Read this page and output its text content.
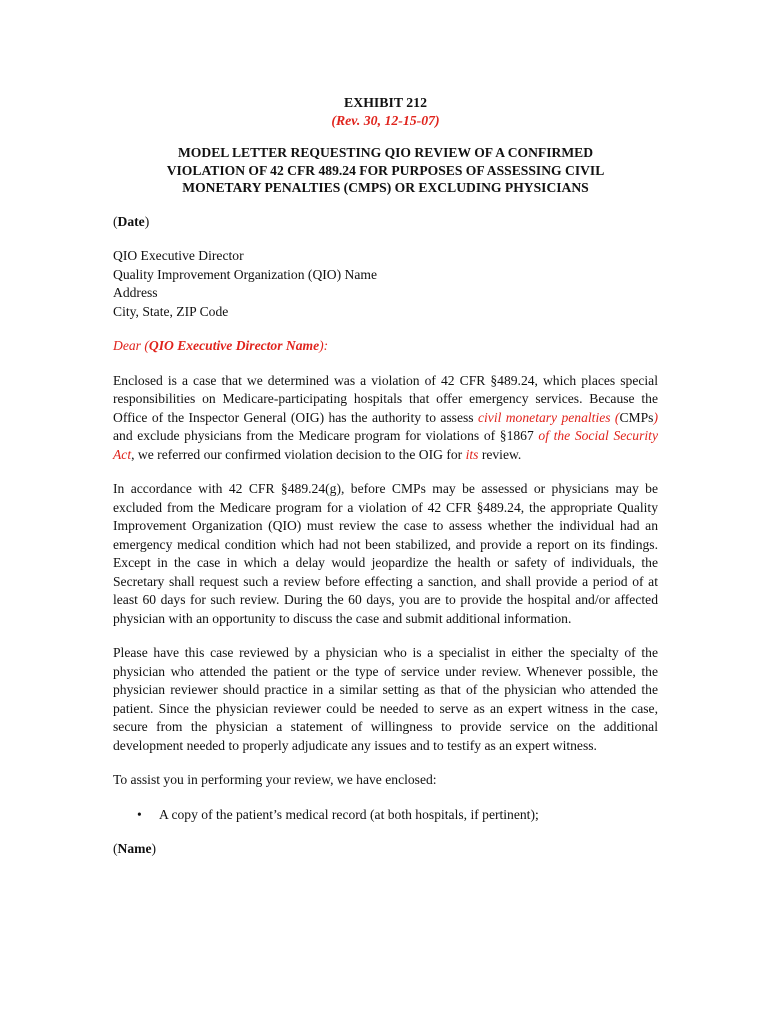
EXHIBIT 212
(Rev. 30, 12-15-07)
MODEL LETTER REQUESTING QIO REVIEW OF A CONFIRMED VIOLATION OF 42 CFR 489.24 FOR PURPOSES OF ASSESSING CIVIL MONETARY PENALTIES (CMPS) OR EXCLUDING PHYSICIANS
(Date)
QIO Executive Director
Quality Improvement Organization (QIO) Name
Address
City, State, ZIP Code
Dear (QIO Executive Director Name):

Enclosed is a case that we determined was a violation of 42 CFR §489.24, which places special responsibilities on Medicare-participating hospitals that offer emergency services. Because the Office of the Inspector General (OIG) has the authority to assess civil monetary penalties (CMPs) and exclude physicians from the Medicare program for violations of §1867 of the Social Security Act, we referred our confirmed violation decision to the OIG for its review.

In accordance with 42 CFR §489.24(g), before CMPs may be assessed or physicians may be excluded from the Medicare program for a violation of 42 CFR §489.24, the appropriate Quality Improvement Organization (QIO) must review the case to assess whether the individual had an emergency medical condition which had not been stabilized, and provide a report on its findings. Except in the case in which a delay would jeopardize the health or safety of individuals, the Secretary shall request such a review before effecting a sanction, and shall provide a period of at least 60 days for such review. During the 60 days, you are to provide the hospital and/or affected physician with an opportunity to discuss the case and submit additional information.

Please have this case reviewed by a physician who is a specialist in either the specialty of the physician who attended the patient or the type of service under review. Whenever possible, the physician reviewer should practice in a similar setting as that of the physician who attended the patient. Since the physician reviewer could be needed to serve as an expert witness in the case, secure from the physician a statement of willingness to provide service on the additional development needed to properly adjudicate any issues and to testify as an expert witness.

To assist you in performing your review, we have enclosed:

•	A copy of the patient’s medical record (at both hospitals, if pertinent);
(Name)
